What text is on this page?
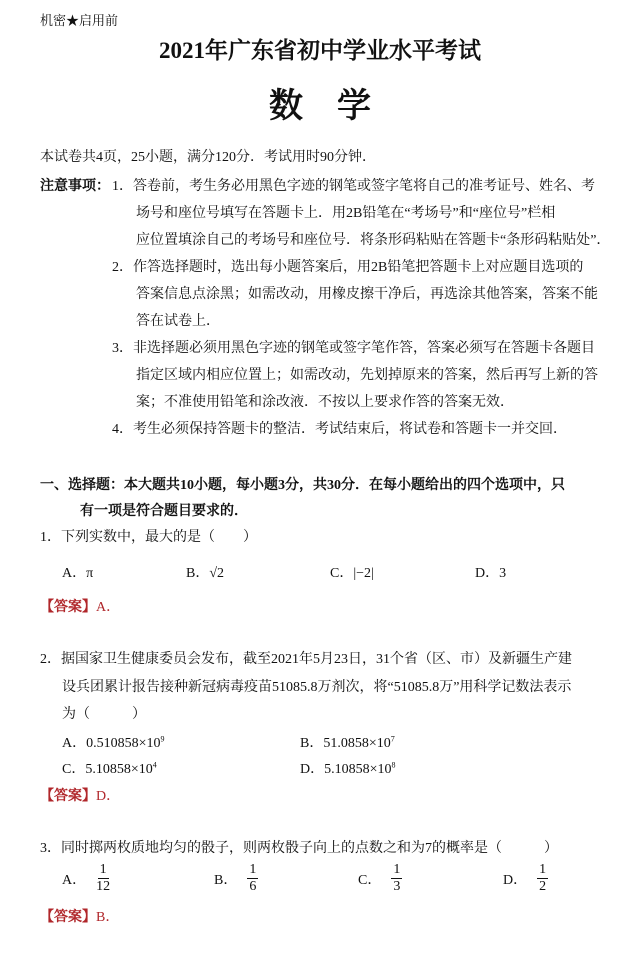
机密★启用前
2021年广东省初中学业水平考试
数　学
本试卷共4页，25小题，满分120分．考试用时90分钟．
注意事项： 1．答卷前，考生务必用黑色字迹的钢笔或签字笔将自己的准考证号、姓名、考
场号和座位号填写在答题卡上．用2B铅笔在“考场号”和“座位号”栏相
应位置填涂自己的考场号和座位号．将条形码粘贴在答题卡“条形码粘贴处”．
2．作答选择题时，选出每小题答案后，用2B铅笔把答题卡上对应题目选项的
答案信息点涂黑；如需改动，用橡皮擦干净后，再选涂其他答案，答案不能
答在试卷上．
3．非选择题必须用黑色字迹的钢笔或签字笔作答，答案必须写在答题卡各题目
指定区域内相应位置上；如需改动，先划掉原来的答案，然后再写上新的答
案；不准使用铅笔和涂改液．不按以上要求作答的答案无效．
4．考生必须保持答题卡的整洁．考试结束后，将试卷和答题卡一并交回．
一、选择题：本大题共10小题，每小题3分，共30分．在每小题给出的四个选项中，只
有一项是符合题目要求的．
1．下列实数中，最大的是（　　）
A．π	B．√2	C．|−2|	D．3
【答案】A．
2．据国家卫生健康委员会发布，截至2021年5月23日，31个省（区、市）及新疆生产建
设兵团累计报告接种新冠病毒疫苗51085.8万剂次，将“51085.8万”用科学记数法表示
为（　　　）
A．$0.510858\times 10^9$	B．$51.0858\times 10^7$
C．$5.10858\times 10^4$	D．$5.10858\times 10^8$
【答案】D．
3．同时掷两枚质地均匀的骰子，则两枚骰子向上的点数之和为7的概率是（　　　）
A． $\frac{1}{12}$	B． $\frac{1}{6}$	C． $\frac{1}{3}$	D． $\frac{1}{2}$
【答案】B．
